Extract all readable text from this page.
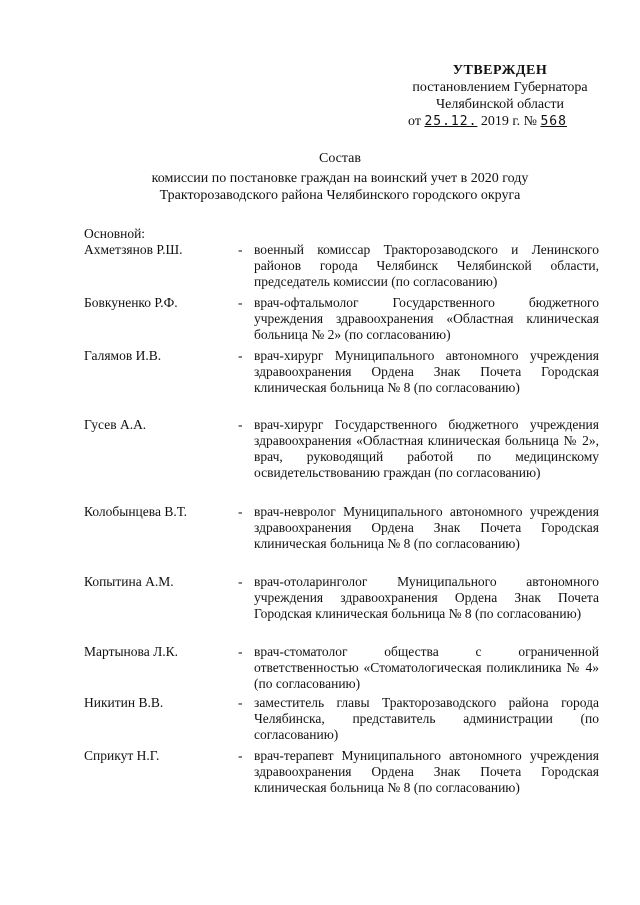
УТВЕРЖДЕН
постановлением Губернатора
Челябинской области
от 25.12. 2019 г. № 568
Состав
комиссии по постановке граждан на воинский учет в 2020 году
Тракторозаводского района Челябинского городского округа
Основной:
Ахметзянов Р.Ш.	- военный комиссар Тракторозаводского и Ленинского районов города Челябинск Челябинской области, председатель комиссии (по согласованию)
Бовкуненко Р.Ф.	- врач-офтальмолог Государственного бюджетного учреждения здравоохранения «Областная клиническая больница № 2» (по согласованию)
Галямов И.В.	- врач-хирург Муниципального автономного учреждения здравоохранения Ордена Знак Почета Городская клиническая больница № 8 (по согласованию)
Гусев А.А.	- врач-хирург Государственного бюджетного учреждения здравоохранения «Областная клиническая больница № 2», врач, руководящий работой по медицинскому освидетельствованию граждан (по согласованию)
Колобынцева В.Т.	- врач-невролог Муниципального автономного учреждения здравоохранения Ордена Знак Почета Городская клиническая больница № 8 (по согласованию)
Копытина А.М.	- врач-отоларинголог Муниципального автономного учреждения здравоохранения Ордена Знак Почета Городская клиническая больница № 8 (по согласованию)
Мартынова Л.К.	- врач-стоматолог общества с ограниченной ответственностью «Стоматологическая поликлиника № 4» (по согласованию)
Никитин В.В.	- заместитель главы Тракторозаводского района города Челябинска, представитель администрации (по согласованию)
Сприкут Н.Г.	- врач-терапевт Муниципального автономного учреждения здравоохранения Ордена Знак Почета Городская клиническая больница № 8 (по согласованию)
